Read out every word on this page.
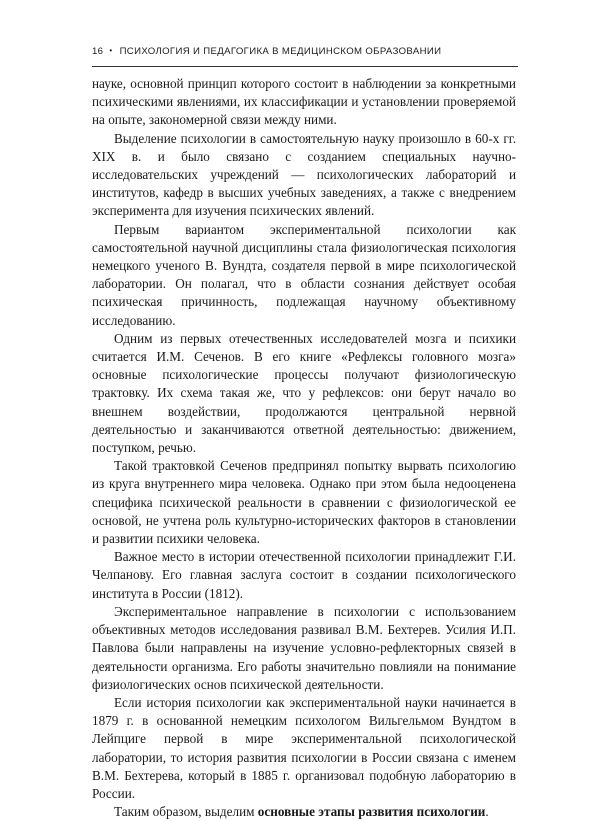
16 • ПСИХОЛОГИЯ И ПЕДАГОГИКА В МЕДИЦИНСКОМ ОБРАЗОВАНИИ

науке, основной принцип которого состоит в наблюдении за конкретными психическими явлениями, их классификации и установлении проверяемой на опыте, закономерной связи между ними.

Выделение психологии в самостоятельную науку произошло в 60-х гг. XIX в. и было связано с созданием специальных научно-исследовательских учреждений — психологических лабораторий и институтов, кафедр в высших учебных заведениях, а также с внедрением эксперимента для изучения психических явлений.

Первым вариантом экспериментальной психологии как самостоятельной научной дисциплины стала физиологическая психология немецкого ученого В. Вундта, создателя первой в мире психологической лаборатории. Он полагал, что в области сознания действует особая психическая причинность, подлежащая научному объективному исследованию.

Одним из первых отечественных исследователей мозга и психики считается И.М. Сеченов. В его книге «Рефлексы головного мозга» основные психологические процессы получают физиологическую трактовку. Их схема такая же, что у рефлексов: они берут начало во внешнем воздействии, продолжаются центральной нервной деятельностью и заканчиваются ответной деятельностью: движением, поступком, речью.

Такой трактовкой Сеченов предпринял попытку вырвать психологию из круга внутреннего мира человека. Однако при этом была недооценена специфика психической реальности в сравнении с физиологической ее основой, не учтена роль культурно-исторических факторов в становлении и развитии психики человека.

Важное место в истории отечественной психологии принадлежит Г.И. Челпанову. Его главная заслуга состоит в создании психологического института в России (1812).

Экспериментальное направление в психологии с использованием объективных методов исследования развивал В.М. Бехтерев. Усилия И.П. Павлова были направлены на изучение условно-рефлекторных связей в деятельности организма. Его работы значительно повлияли на понимание физиологических основ психической деятельности.

Если история психологии как экспериментальной науки начинается в 1879 г. в основанной немецким психологом Вильгельмом Вундтом в Лейпциге первой в мире экспериментальной психологической лаборатории, то история развития психологии в России связана с именем В.М. Бехтерева, который в 1885 г. организовал подобную лабораторию в России.

Таким образом, выделим основные этапы развития психологии.
